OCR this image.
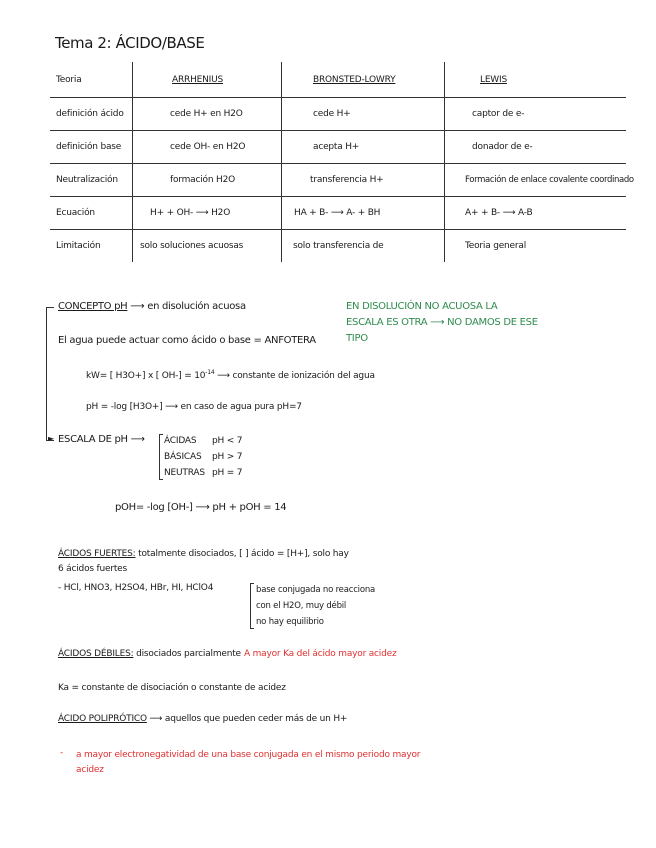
Tema 2: ÁCIDO/BASE
Teoria	ARRHENIUS	BRONSTED-LOWRY	LEWIS
definición ácido	cede H+ en H2O	cede H+	captor de e-
definición base	cede OH- en H2O	acepta H+	donador de e-
Neutralización	formación H2O	transferencia H+	Formación de enlace covalente coordinado
Ecuación	H+ + OH- ⟶ H2O	HA + B- ⟶ A- + BH	A+ + B- ⟶ A-B
Limitación	solo soluciones acuosas	solo transferencia de	Teoria general
►
CONCEPTO pH ⟶ en disolución acuosa	EN DISOLUCIÓN NO ACUOSA LA
ESCALA ES OTRA ⟶ NO DAMOS DE ESE
TIPO
El agua puede actuar como ácido o base = ANFOTERA
kW= [ H3O+] x [ $OH-] = 10^{-14}$ ⟶ constante de ionización del agua
pH = -log [H3O+] ⟶ en caso de agua pura pH=7
ESCALA DE pH ⟶ ÁCIDAS pH < 7
BÁSICAS pH > 7
NEUTRAS pH = 7
pOH= -log [OH-] ⟶ pH + pOH = 14
ÁCIDOS FUERTES: totalmente disociados, [ ] ácido = [H+], solo hay
6 ácidos fuertes
- HCl, HNO3, H2SO4, HBr, HI, HClO4	base conjugada no reacciona
con el H2O, muy débil
no hay equilibrio
ÁCIDOS DÉBILES: disociados parcialmente A mayor Ka del ácido mayor acidez
Ka = constante de disociación o constante de acidez
ÁCIDO POLIPRÓTICO ⟶ aquellos que pueden ceder más de un H+
- a mayor electronegatividad de una base conjugada en el mismo periodo mayor
acidez
